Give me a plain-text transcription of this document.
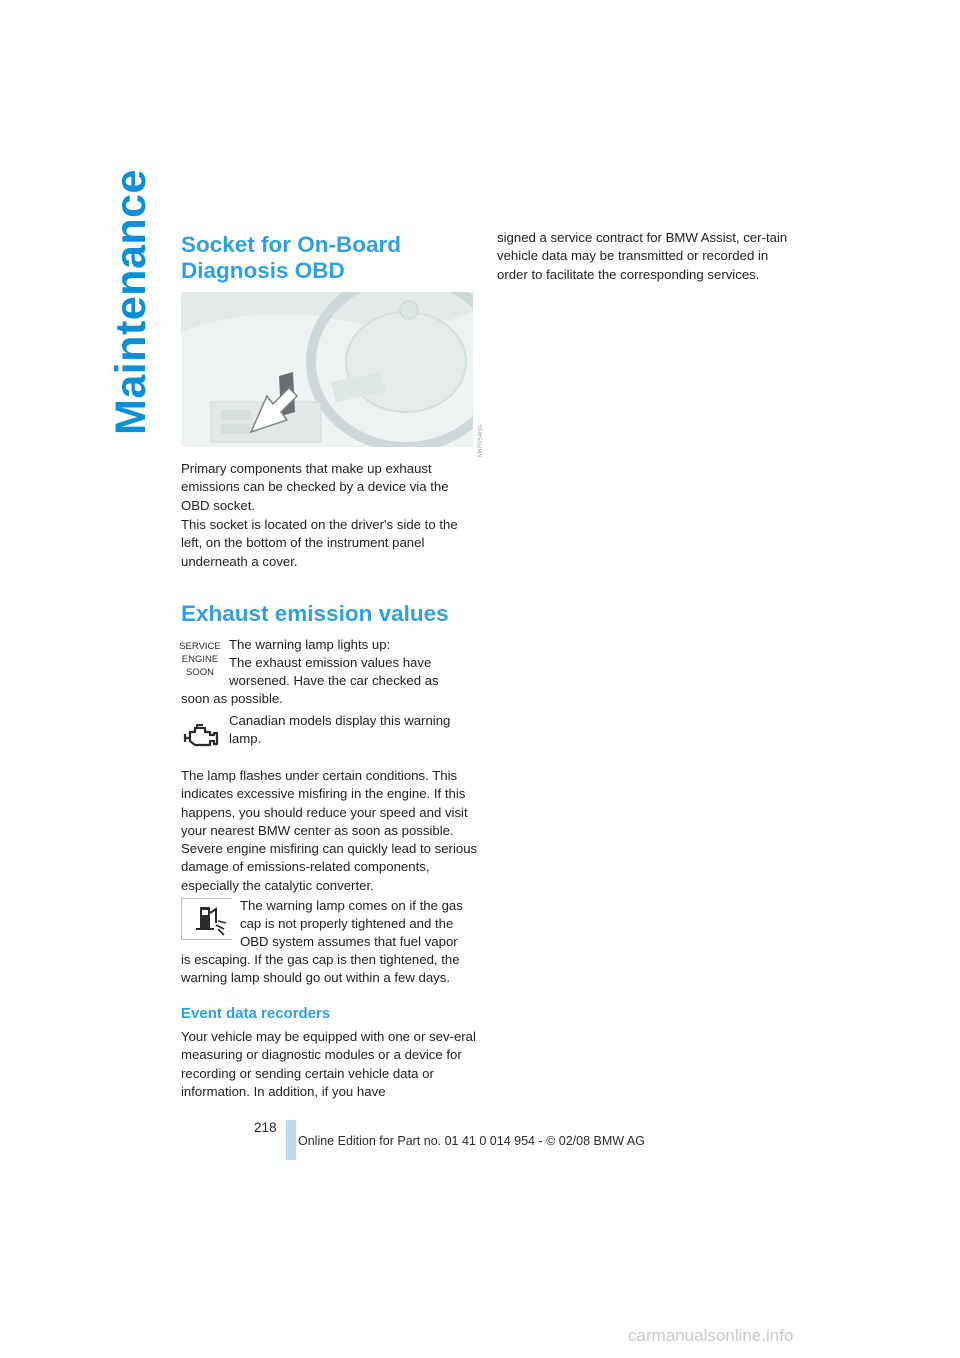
Maintenance Socket for On-Board
Diagnosis OBD
MKR0S4HA

Primary components that make up exhaust emissions can be checked by a device via the OBD socket.

This socket is located on the driver's side to the left, on the bottom of the instrument panel underneath a cover.

Exhaust emission values
SERVICE
ENGINE
SOON

The warning lamp lights up:

The exhaust emission values have

worsened. Have the car checked as

soon as possible.

Canadian models display this warning

lamp.

The lamp flashes under certain conditions. This indicates excessive misfiring in the engine. If this happens, you should reduce your speed and visit your nearest BMW center as soon as possible. Severe engine misfiring can quickly lead to serious damage of emissions-related components, especially the catalytic converter.

The warning lamp comes on if the gas

cap is not properly tightened and the

OBD system assumes that fuel vapor

is escaping. If the gas cap is then tightened, the

warning lamp should go out within a few days.

Event data recorders

Your vehicle may be equipped with one or sev-eral measuring or diagnostic modules or a device for recording or sending certain vehicle data or information. In addition, if you have

signed a service contract for BMW Assist, cer-tain vehicle data may be transmitted or recorded in order to facilitate the corresponding services.

218
Online Edition for Part no. 01 41 0 014 954 - © 02/08 BMW AG
carmanualsonline.info
